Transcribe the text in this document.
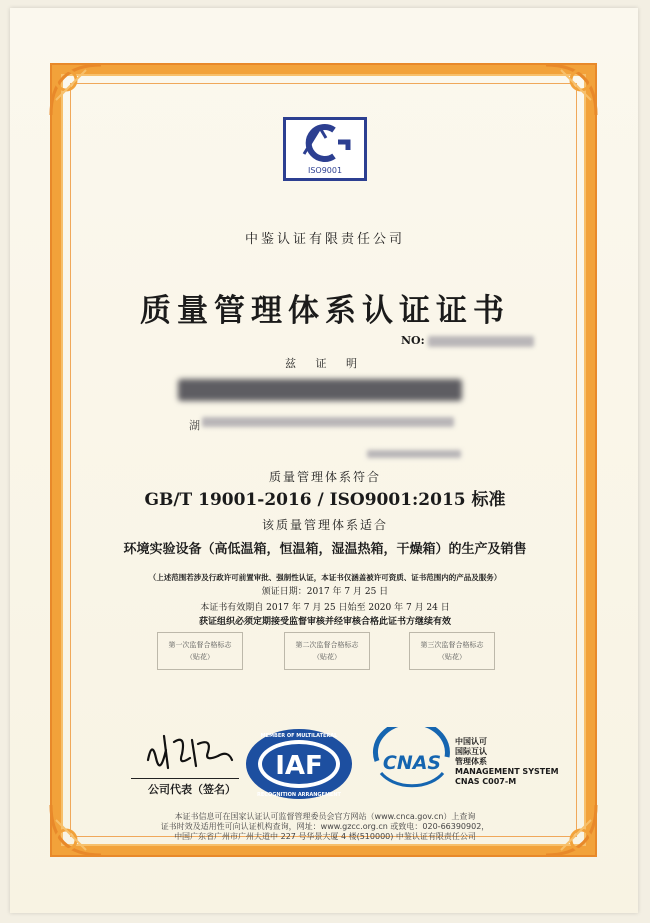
ISO9001
中鉴认证有限责任公司
质量管理体系认证证书
NO:
兹 证 明
湖
质量管理体系符合
GB/T 19001-2016 / ISO9001:2015 标准
该质量管理体系适合
环境实验设备（高低温箱，恒温箱，湿温热箱，干燥箱）的生产及销售
（上述范围若涉及行政许可前置审批、强制性认证，本证书仅涵盖被许可资质、证书范围内的产品及服务）
颁证日期：2017 年 7 月 25 日
本证书有效期自 2017 年 7 月 25 日始至 2020 年 7 月 24 日
获证组织必须定期接受监督审核并经审核合格此证书方继续有效
第一次监督合格标志
（贴花）
第二次监督合格标志
（贴花）
第三次监督合格标志
（贴花）
公司代表（签名）
IAF
MEMBER OF MULTILATERAL
RECOGNITION ARRANGEMENT
CNAS
中国认可
国际互认
管理体系
MANAGEMENT SYSTEM
CNAS C007-M
本证书信息可在国家认证认可监督管理委员会官方网站（www.cnca.gov.cn）上查询
证书时效及适用性可向认证机构查询，网址：www.gzcc.org.cn 或致电：020-66390902，
中国广东省广州市广州大道中 227 号华景大厦 4 楼(510000) 中鉴认证有限责任公司
